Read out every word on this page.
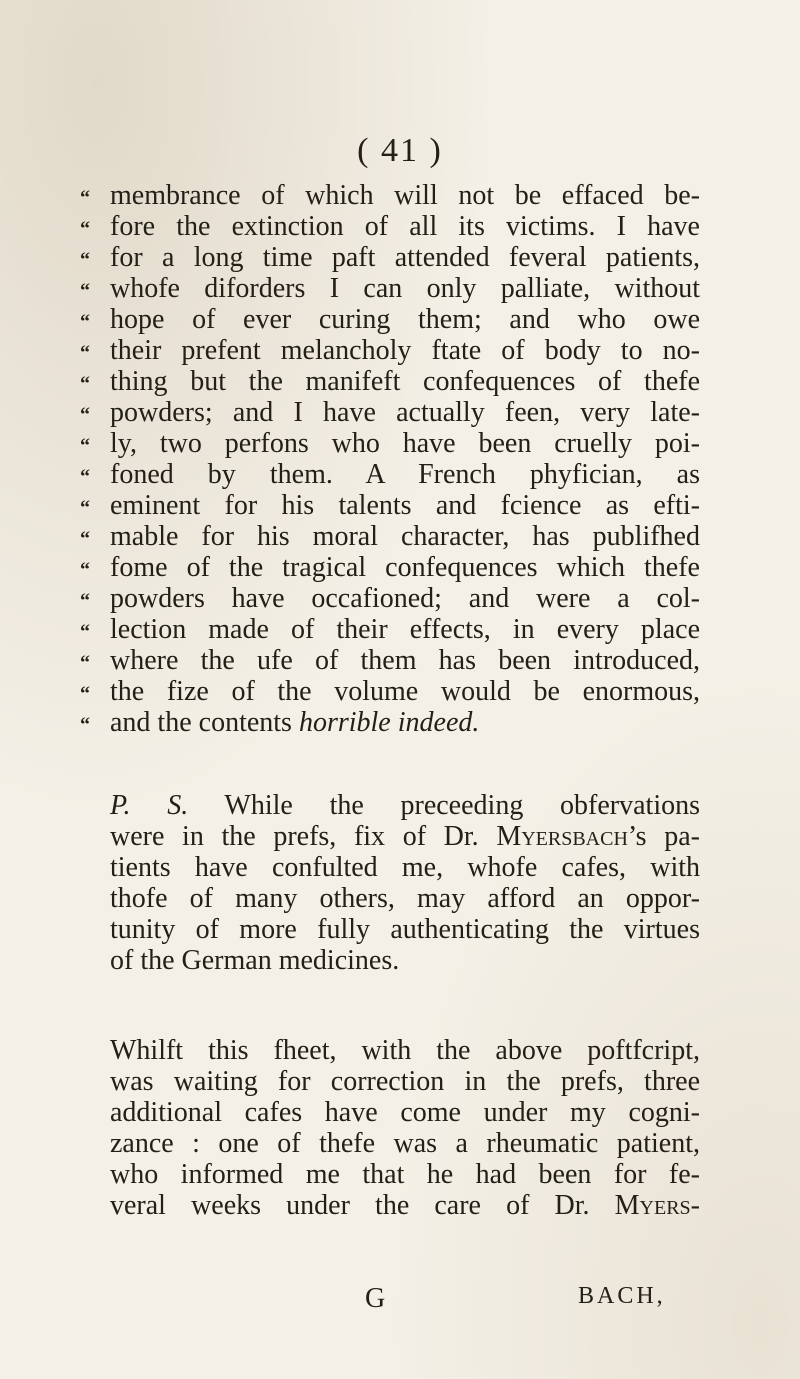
( 41 )
“ membrance of which will not be effaced be-
“ fore the extinction of all its victims. I have
“ for a long time paft attended feveral patients,
“ whofe diforders I can only palliate, without
“ hope of ever curing them; and who owe
“ their prefent melancholy ftate of body to no-
“ thing but the manifeft confequences of thefe
“ powders; and I have actually feen, very late-
“ ly, two perfons who have been cruelly poi-
“ foned by them. A French phyfician, as
“ eminent for his talents and fcience as efti-
“ mable for his moral character, has publifhed
“ fome of the tragical confequences which thefe
“ powders have occafioned; and were a col-
“ lection made of their effects, in every place
“ where the ufe of them has been introduced,
“ the fize of the volume would be enormous,
“ and the contents horrible indeed.
P. S. While the preceeding obfervations
were in the prefs, fix of Dr. Myersbach’s pa-
tients have confulted me, whofe cafes, with
thofe of many others, may afford an oppor-
tunity of more fully authenticating the virtues
of the German medicines.
Whilft this fheet, with the above poftfcript,
was waiting for correction in the prefs, three
additional cafes have come under my cogni-
zance : one of thefe was a rheumatic patient,
who informed me that he had been for fe-
veral weeks under the care of Dr. Myers-
G	BACH,
